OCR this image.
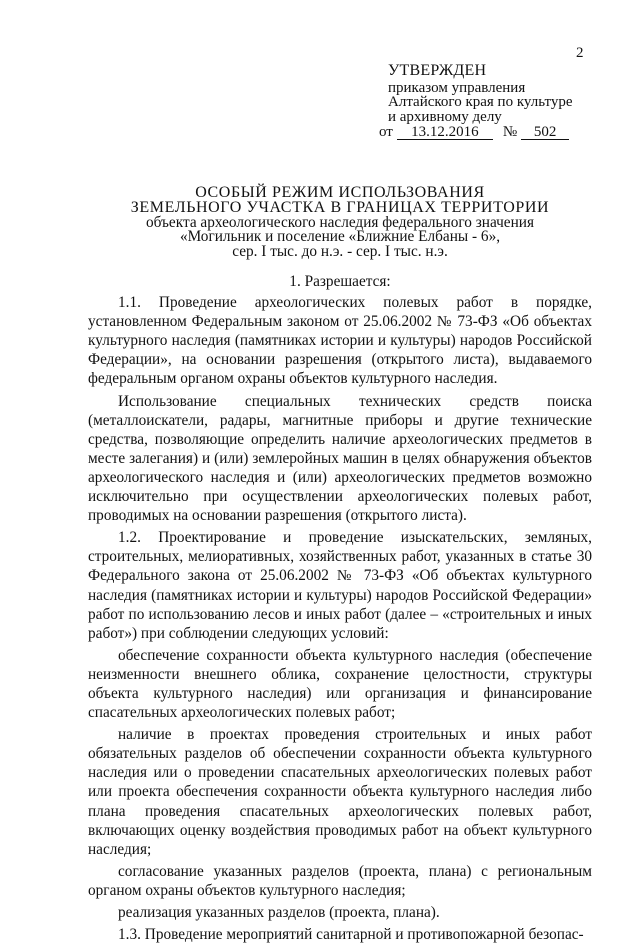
2
УТВЕРЖДЕН
приказом управления
Алтайского края по культуре
и архивному делу
от 13.12.2016 № 502
ОСОБЫЙ РЕЖИМ ИСПОЛЬЗОВАНИЯ
ЗЕМЕЛЬНОГО УЧАСТКА В ГРАНИЦАХ ТЕРРИТОРИИ
объекта археологического наследия федерального значения
«Могильник и поселение «Ближние Елбаны - 6»,
сер. I тыс. до н.э. - сер. I тыс. н.э.
1. Разрешается:

1.1. Проведение археологических полевых работ в порядке, установленном Федеральным законом от 25.06.2002 № 73-ФЗ «Об объектах культурного наследия (памятниках истории и культуры) народов Российской Федерации», на основании разрешения (открытого листа), выдаваемого федеральным органом охраны объектов культурного наследия.

Использование специальных технических средств поиска (металлоискатели, радары, магнитные приборы и другие технические средства, позволяющие определить наличие археологических предметов в месте залегания) и (или) землеройных машин в целях обнаружения объектов археологического наследия и (или) археологических предметов возможно исключительно при осуществлении археологических полевых работ, проводимых на основании разрешения (открытого листа).

1.2. Проектирование и проведение изыскательских, земляных, строительных, мелиоративных, хозяйственных работ, указанных в статье 30 Федерального закона от 25.06.2002 № 73-ФЗ «Об объектах культурного наследия (памятниках истории и культуры) народов Российской Федерации» работ по использованию лесов и иных работ (далее – «строительных и иных работ») при соблюдении следующих условий:

обеспечение сохранности объекта культурного наследия (обеспечение неизменности внешнего облика, сохранение целостности, структуры объекта культурного наследия) или организация и финансирование спасательных археологических полевых работ;

наличие в проектах проведения строительных и иных работ обязательных разделов об обеспечении сохранности объекта культурного наследия или о проведении спасательных археологических полевых работ или проекта обеспечения сохранности объекта культурного наследия либо плана проведения спасательных археологических полевых работ, включающих оценку воздействия проводимых работ на объект культурного наследия;

согласование указанных разделов (проекта, плана) с региональным органом охраны объектов культурного наследия;

реализация указанных разделов (проекта, плана).

1.3. Проведение мероприятий санитарной и противопожарной безопас-
